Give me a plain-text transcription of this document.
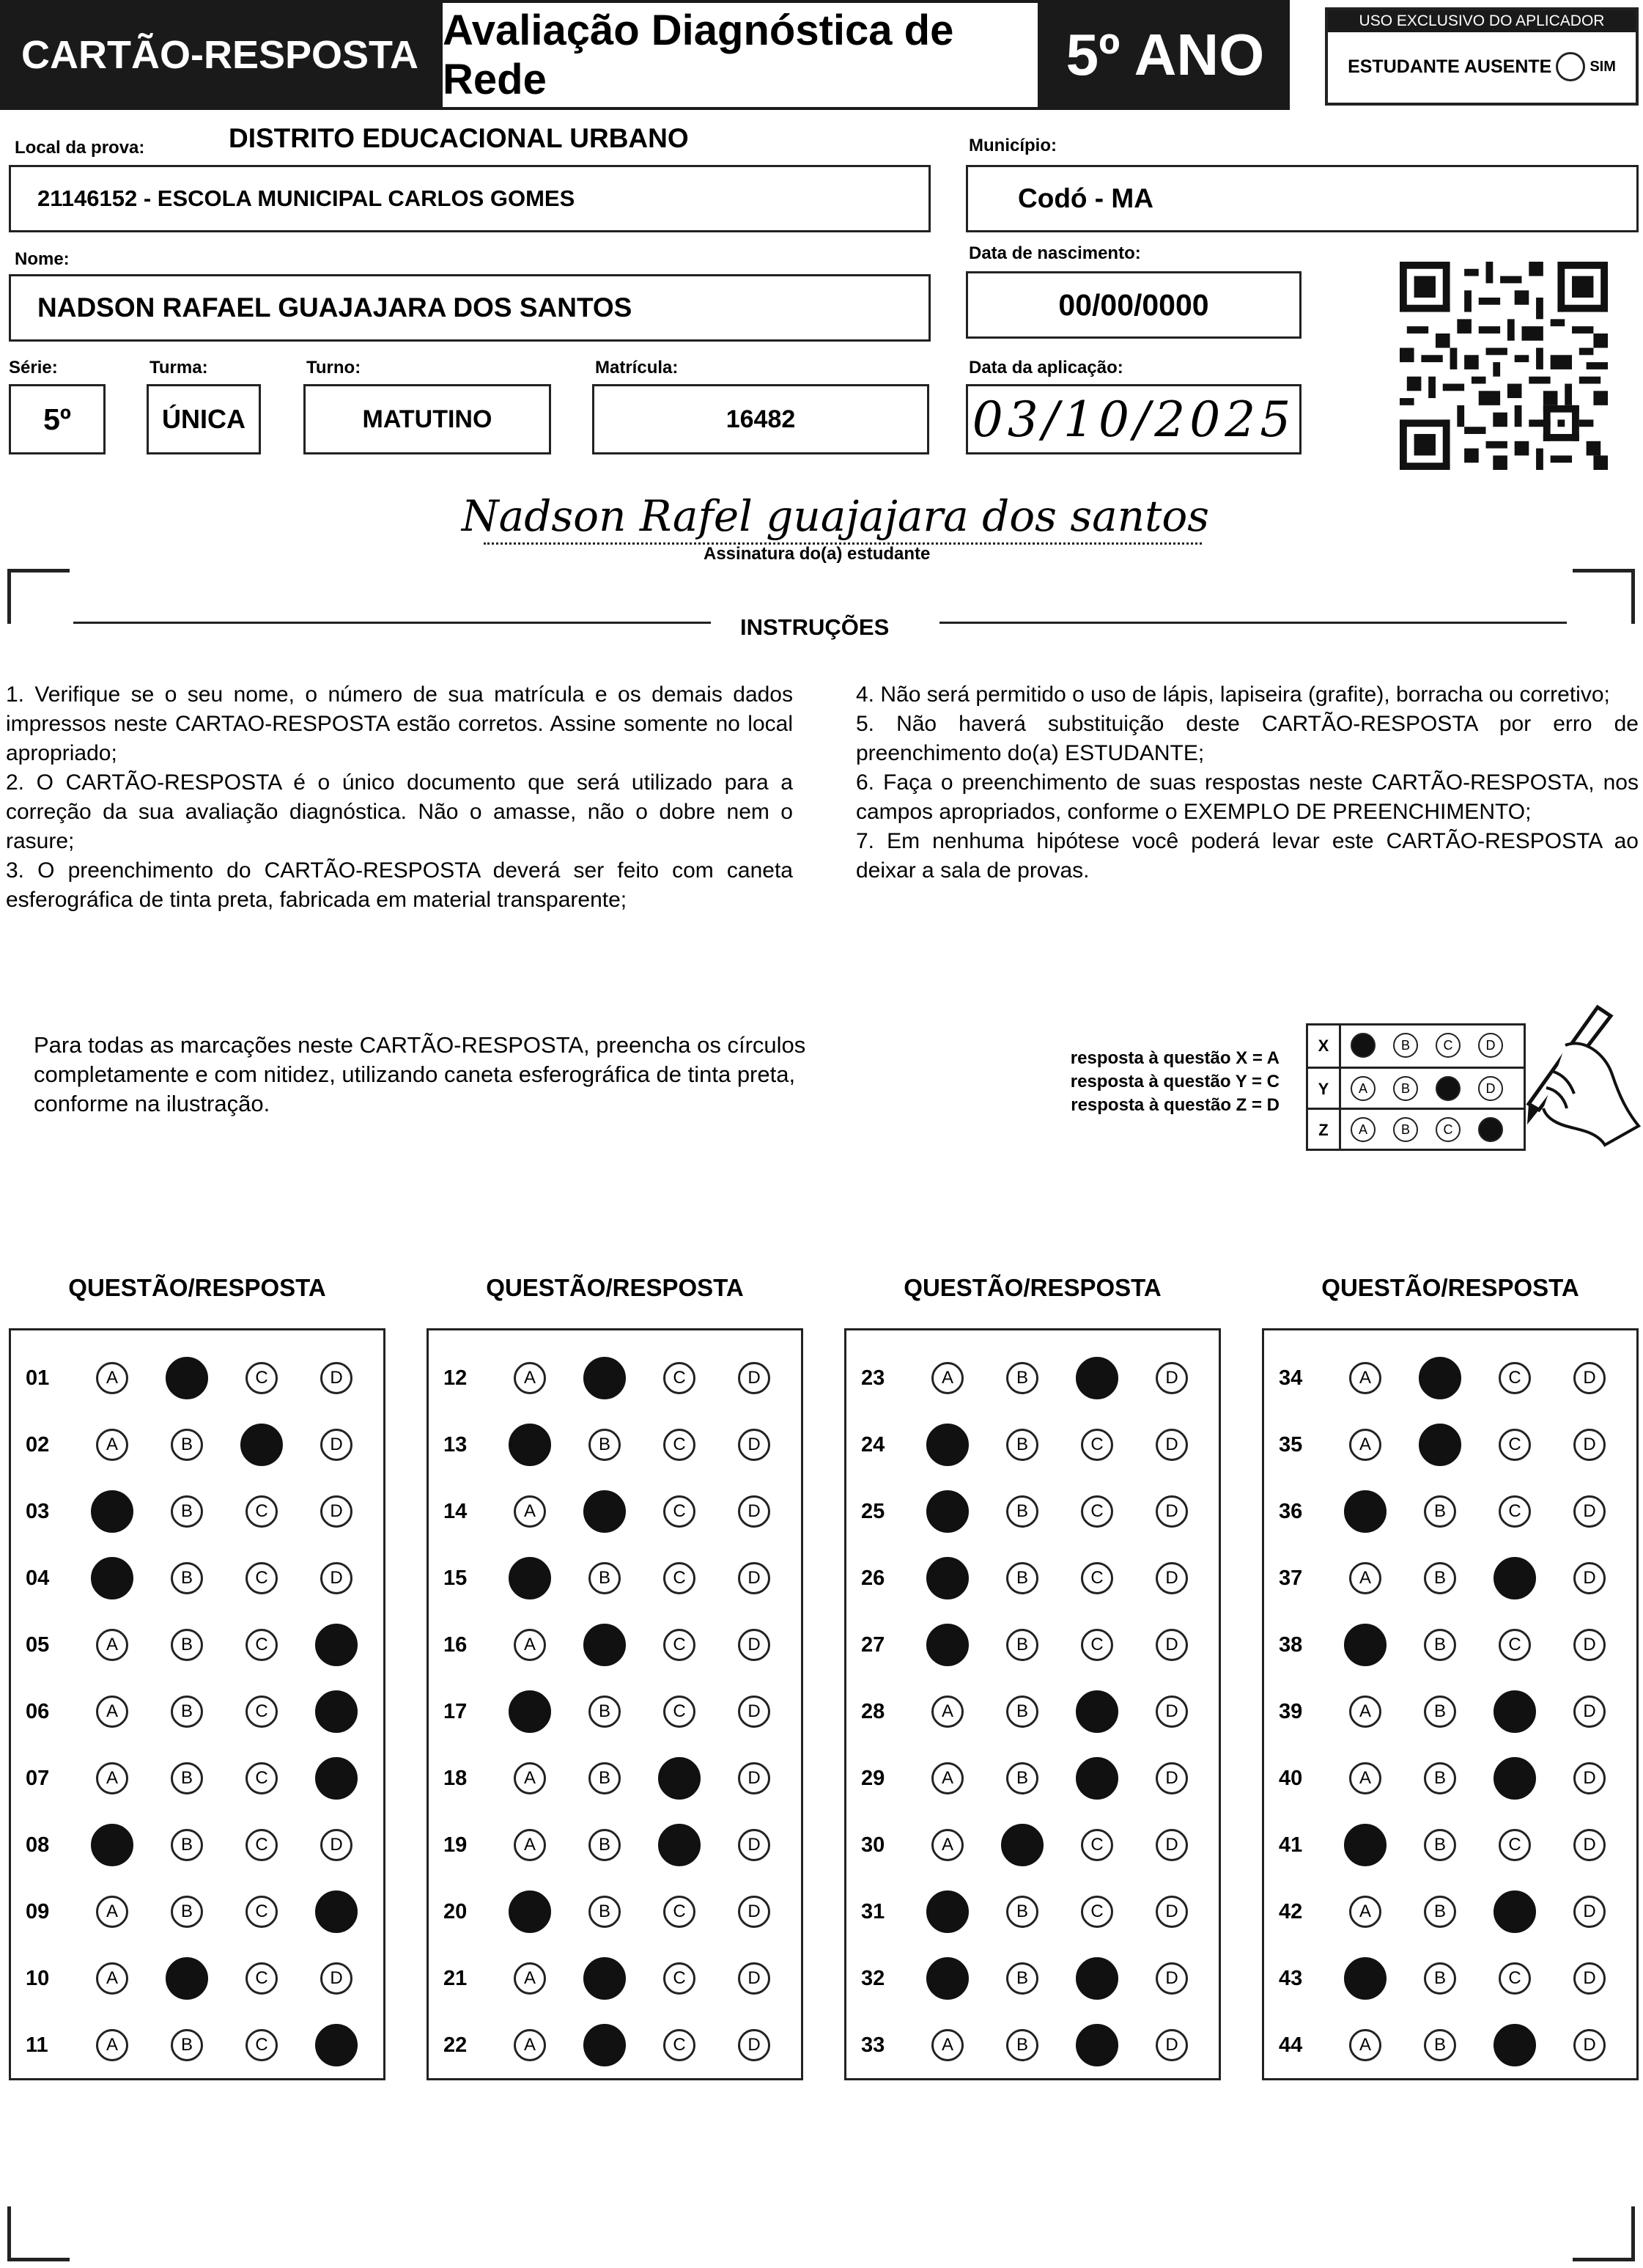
CARTÃO-RESPOSTA
Avaliação Diagnóstica de Rede	5º ANO
USO EXCLUSIVO DO APLICADOR
ESTUDANTE AUSENTE	SIM
Local da prova:	DISTRITO EDUCACIONAL URBANO
21146152 - ESCOLA MUNICIPAL CARLOS GOMES
Município:
Codó - MA
Nome:
NADSON RAFAEL GUAJAJARA DOS SANTOS
Data de nascimento:
00/00/0000
Série:
5º
Turma:
ÚNICA
Turno:
MATUTINO
Matrícula:
16482
Data da aplicação:
03/10/2025
Nadson Rafel guajajara dos santos
Assinatura do(a) estudante
INSTRUÇÕES
1. Verifique se o seu nome, o número de sua matrícula e os demais dados impressos neste CARTAO-RESPOSTA estão corretos. Assine somente no local apropriado;
2. O CARTÃO-RESPOSTA é o único documento que será utilizado para a correção da sua avaliação diagnóstica. Não o amasse, não o dobre nem o rasure;
3. O preenchimento do CARTÃO-RESPOSTA deverá ser feito com caneta esferográfica de tinta preta, fabricada em material transparente;
4. Não será permitido o uso de lápis, lapiseira (grafite), borracha ou corretivo;
5. Não haverá substituição deste CARTÃO-RESPOSTA por erro de preenchimento do(a) ESTUDANTE;
6. Faça o preenchimento de suas respostas neste CARTÃO-RESPOSTA, nos campos apropriados, conforme o EXEMPLO DE PREENCHIMENTO;
7. Em nenhuma hipótese você poderá levar este CARTÃO-RESPOSTA ao deixar a sala de provas.
Para todas as marcações neste CARTÃO-RESPOSTA, preencha os círculos completamente e com nitidez, utilizando caneta esferográfica de tinta preta, conforme na ilustração.
resposta à questão X = A
resposta à questão Y = C
resposta à questão Z = D
X	B	C	D
Y	A	B	D
Z	A	B	C
QUESTÃO/RESPOSTA
01	A	C	D
02	A	B	D
03	B	C	D
04	B	C	D
05	A	B	C
06	A	B	C
07	A	B	C
08	B	C	D
09	A	B	C
10	A	C	D
11	A	B	C
QUESTÃO/RESPOSTA
12	A	C	D
13	B	C	D
14	A	C	D
15	B	C	D
16	A	C	D
17	B	C	D
18	A	B	D
19	A	B	D
20	B	C	D
21	A	C	D
22	A	C	D
QUESTÃO/RESPOSTA
23	A	B	D
24	B	C	D
25	B	C	D
26	B	C	D
27	B	C	D
28	A	B	D
29	A	B	D
30	A	C	D
31	B	C	D
32	B	D
33	A	B	D
QUESTÃO/RESPOSTA
34	A	C	D
35	A	C	D
36	B	C	D
37	A	B	D
38	B	C	D
39	A	B	D
40	A	B	D
41	B	C	D
42	A	B	D
43	B	C	D
44	A	B	D
